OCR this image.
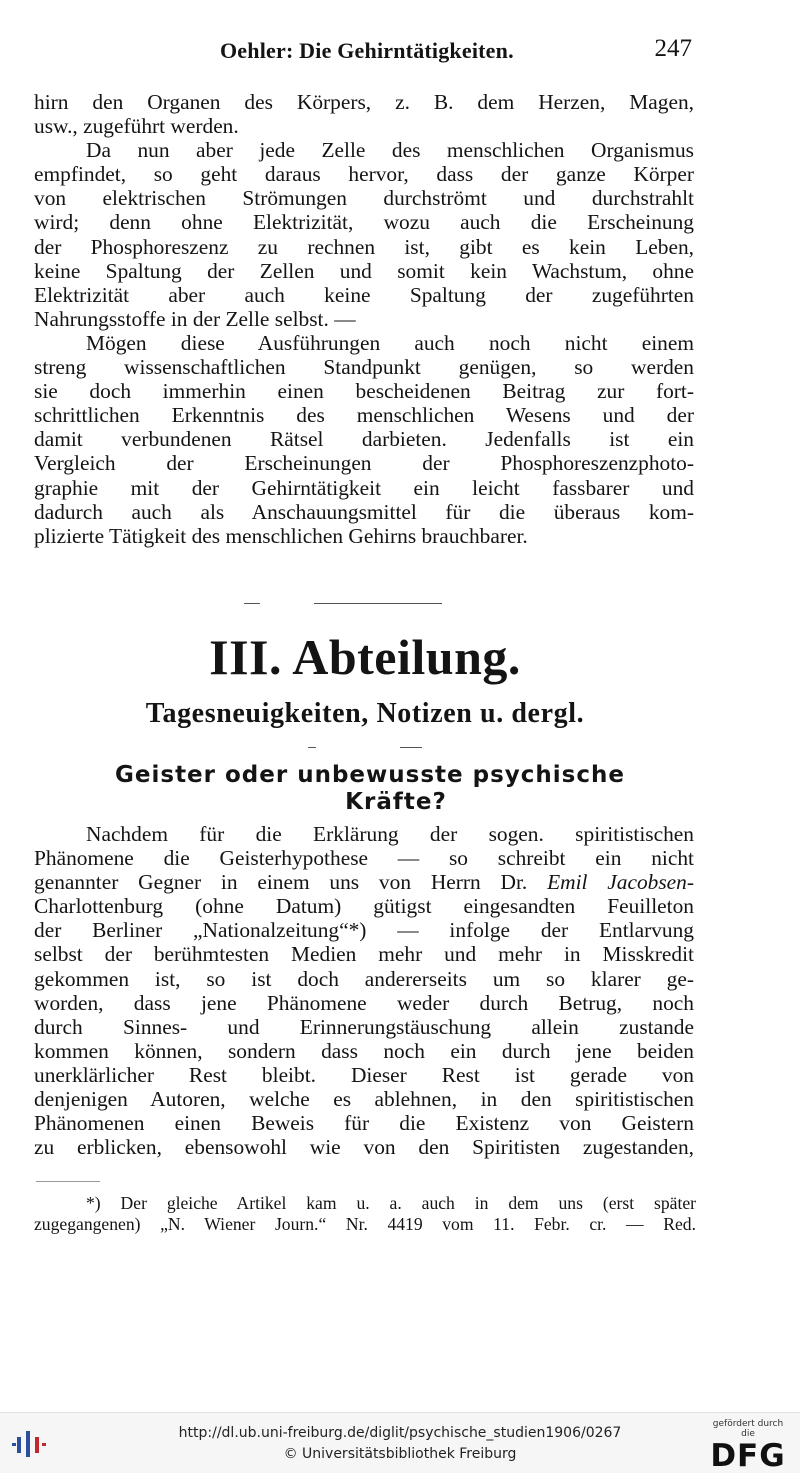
Oehler: Die Gehirntätigkeiten.	247

hirn den Organen des Körpers, z. B. dem Herzen, Magen,
usw., zugeführt werden.

Da nun aber jede Zelle des menschlichen Organismus
empfindet, so geht daraus hervor, dass der ganze Körper
von elektrischen Strömungen durchströmt und durchstrahlt
wird; denn ohne Elektrizität, wozu auch die Erscheinung
der Phosphoreszenz zu rechnen ist, gibt es kein Leben,
keine Spaltung der Zellen und somit kein Wachstum, ohne
Elektrizität aber auch keine Spaltung der zugeführten
Nahrungsstoffe in der Zelle selbst. —

Mögen diese Ausführungen auch noch nicht einem
streng wissenschaftlichen Standpunkt genügen, so werden
sie doch immerhin einen bescheidenen Beitrag zur fort-
schrittlichen Erkenntnis des menschlichen Wesens und der
damit verbundenen Rätsel darbieten. Jedenfalls ist ein
Vergleich der Erscheinungen der Phosphoreszenzphoto-
graphie mit der Gehirntätigkeit ein leicht fassbarer und
dadurch auch als Anschauungsmittel für die überaus kom-
plizierte Tätigkeit des menschlichen Gehirns brauchbarer.

III. Abteilung.
Tagesneuigkeiten, Notizen u. dergl.
Geister oder unbewusste psychische
Kräfte?

Nachdem für die Erklärung der sogen. spiritistischen
Phänomene die Geisterhypothese — so schreibt ein nicht
genannter Gegner in einem uns von Herrn Dr. Emil Jacobsen-
Charlottenburg (ohne Datum) gütigst eingesandten Feuilleton
der Berliner „Nationalzeitung“*) — infolge der Entlarvung
selbst der berühmtesten Medien mehr und mehr in Misskredit
gekommen ist, so ist doch andererseits um so klarer ge-
worden, dass jene Phänomene weder durch Betrug, noch
durch Sinnes- und Erinnerungstäuschung allein zustande
kommen können, sondern dass noch ein durch jene beiden
unerklärlicher Rest bleibt. Dieser Rest ist gerade von
denjenigen Autoren, welche es ablehnen, in den spiritistischen
Phänomenen einen Beweis für die Existenz von Geistern
zu erblicken, ebensowohl wie von den Spiritisten zugestanden,

*) Der gleiche Artikel kam u. a. auch in dem uns (erst später
zugegangenen) „N. Wiener Journ.“ Nr. 4419 vom 11. Febr. cr. — Red.
http://dl.ub.uni-freiburg.de/diglit/psychische_studien1906/0267
© Universitätsbibliothek Freiburg
gefördert durch die
DFG
